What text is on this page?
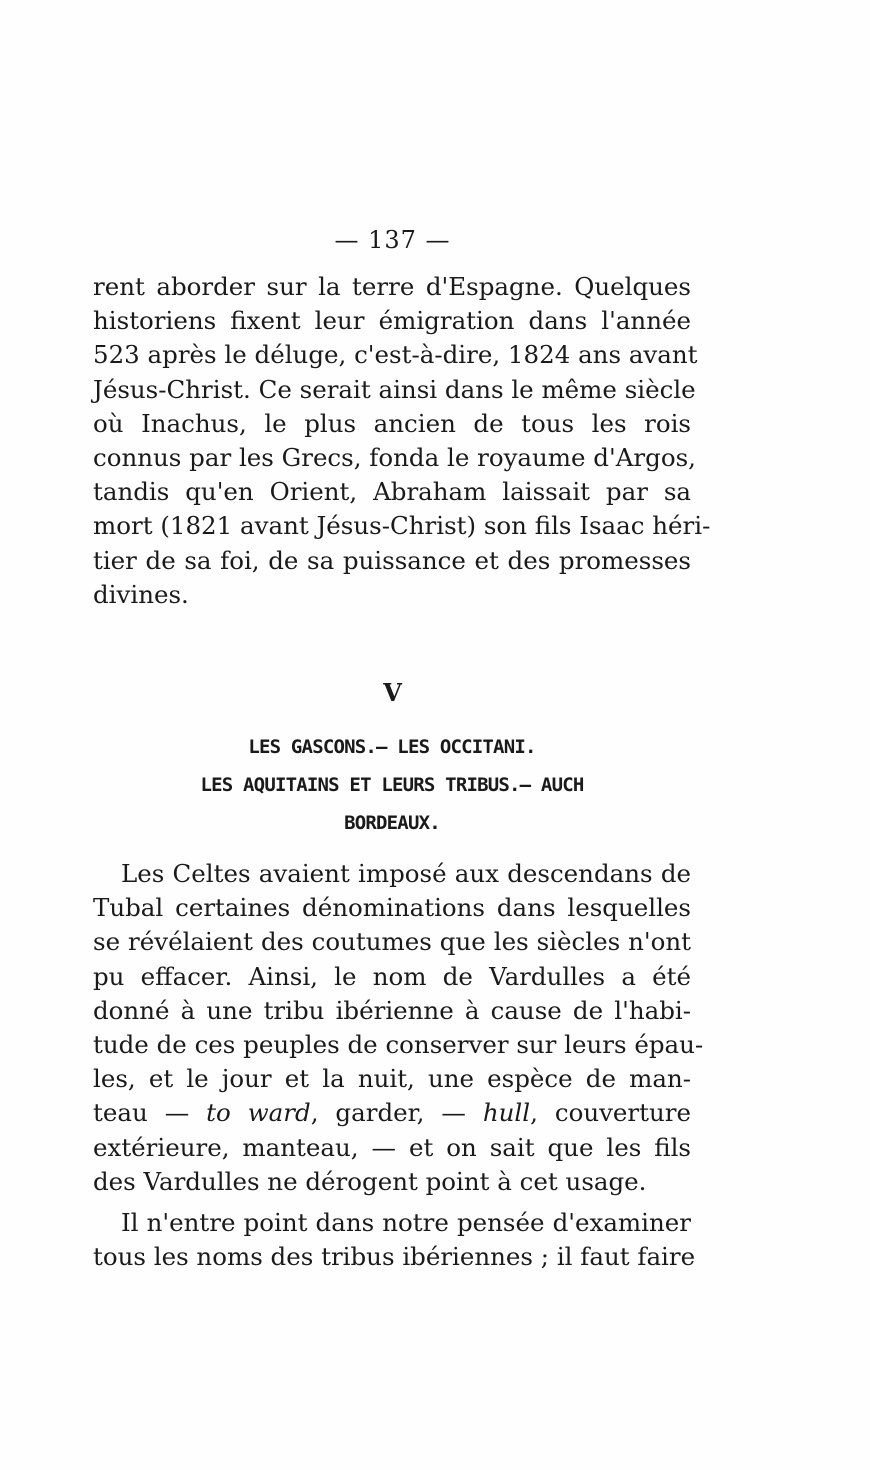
— 137 —
rent aborder sur la terre d'Espagne. Quelques
historiens fixent leur émigration dans l'année
523 après le déluge, c'est-à-dire, 1824 ans avant
Jésus-Christ. Ce serait ainsi dans le même siècle
où Inachus, le plus ancien de tous les rois
connus par les Grecs, fonda le royaume d'Argos,
tandis qu'en Orient, Abraham laissait par sa
mort (1821 avant Jésus-Christ) son fils Isaac héri-
tier de sa foi, de sa puissance et des promesses
divines.
V
LES GASCONS.— LES OCCITANI.
LES AQUITAINS ET LEURS TRIBUS.— AUCH
BORDEAUX.
Les Celtes avaient imposé aux descendans de
Tubal certaines dénominations dans lesquelles
se révélaient des coutumes que les siècles n'ont
pu effacer. Ainsi, le nom de Vardulles a été
donné à une tribu ibérienne à cause de l'habi-
tude de ces peuples de conserver sur leurs épau-
les, et le jour et la nuit, une espèce de man-
teau — to ward, garder, — hull, couverture
extérieure, manteau, — et on sait que les fils
des Vardulles ne dérogent point à cet usage.
Il n'entre point dans notre pensée d'examiner
tous les noms des tribus ibériennes ; il faut faire
